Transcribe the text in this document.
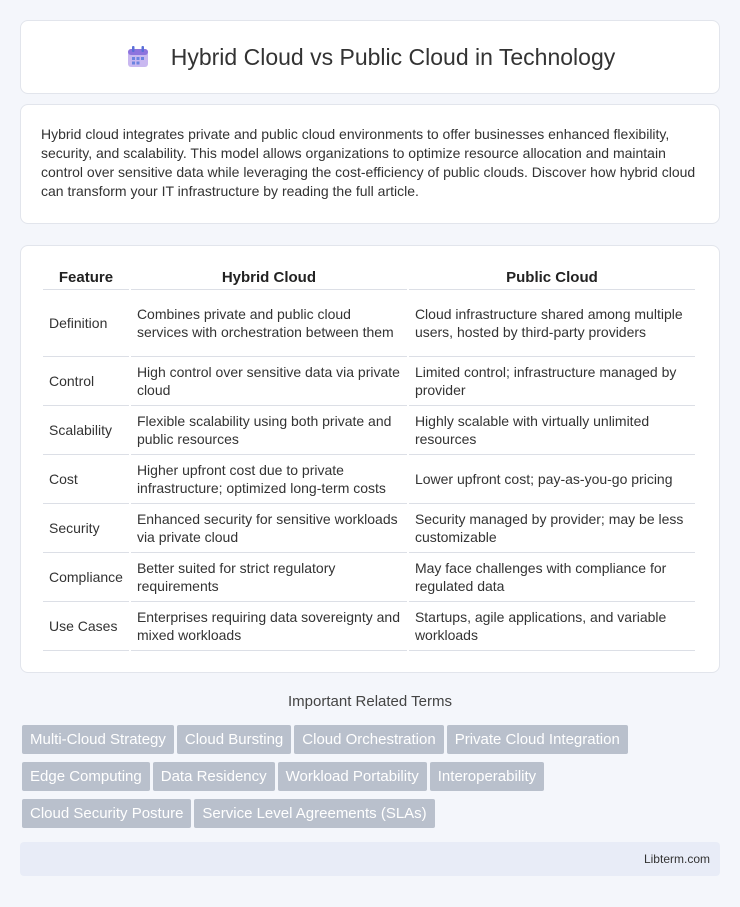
Hybrid Cloud vs Public Cloud in Technology

Hybrid cloud integrates private and public cloud environments to offer businesses enhanced flexibility, security, and scalability. This model allows organizations to optimize resource allocation and maintain control over sensitive data while leveraging the cost-efficiency of public clouds. Discover how hybrid cloud can transform your IT infrastructure by reading the full article.

Feature	Hybrid Cloud	Public Cloud
Definition	Combines private and public cloud services with orchestration between them	Cloud infrastructure shared among multiple users, hosted by third-party providers
Control	High control over sensitive data via private cloud	Limited control; infrastructure managed by provider
Scalability	Flexible scalability using both private and public resources	Highly scalable with virtually unlimited resources
Cost	Higher upfront cost due to private infrastructure; optimized long-term costs	Lower upfront cost; pay-as-you-go pricing
Security	Enhanced security for sensitive workloads via private cloud	Security managed by provider; may be less customizable
Compliance	Better suited for strict regulatory requirements	May face challenges with compliance for regulated data
Use Cases	Enterprises requiring data sovereignty and mixed workloads	Startups, agile applications, and variable workloads
Important Related Terms
Multi-Cloud Strategy Cloud Bursting Cloud Orchestration Private Cloud Integration
Edge Computing Data Residency Workload Portability Interoperability
Cloud Security Posture Service Level Agreements (SLAs)
Libterm.com
